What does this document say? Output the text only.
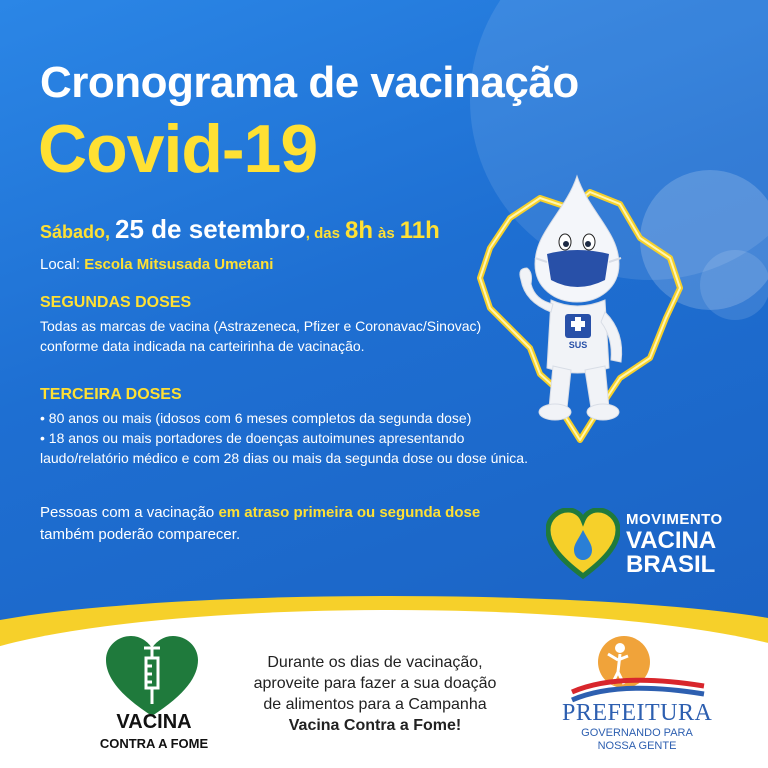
Cronograma de vacinação
Covid-19
Sábado, 25 de setembro, das 8h às 11h
Local: Escola Mitsusada Umetani
SEGUNDAS DOSES
Todas as marcas de vacina (Astrazeneca, Pfizer e Coronavac/Sinovac)
conforme data indicada na carteirinha de vacinação.
TERCEIRA DOSES
• 80 anos ou mais (idosos com 6 meses completos da segunda dose)
• 18 anos ou mais portadores de doenças autoimunes apresentando
laudo/relatório médico e com 28 dias ou mais da segunda dose ou dose única.
Pessoas com a vacinação em atraso primeira ou segunda dose
também poderão comparecer.
SUS
MOVIMENTO
VACINA
BRASIL
VACINA
CONTRA A FOME
Durante os dias de vacinação,
aproveite para fazer a sua doação
de alimentos para a Campanha
Vacina Contra a Fome!	PREFEITURA
GOVERNANDO PARA
NOSSA GENTE
